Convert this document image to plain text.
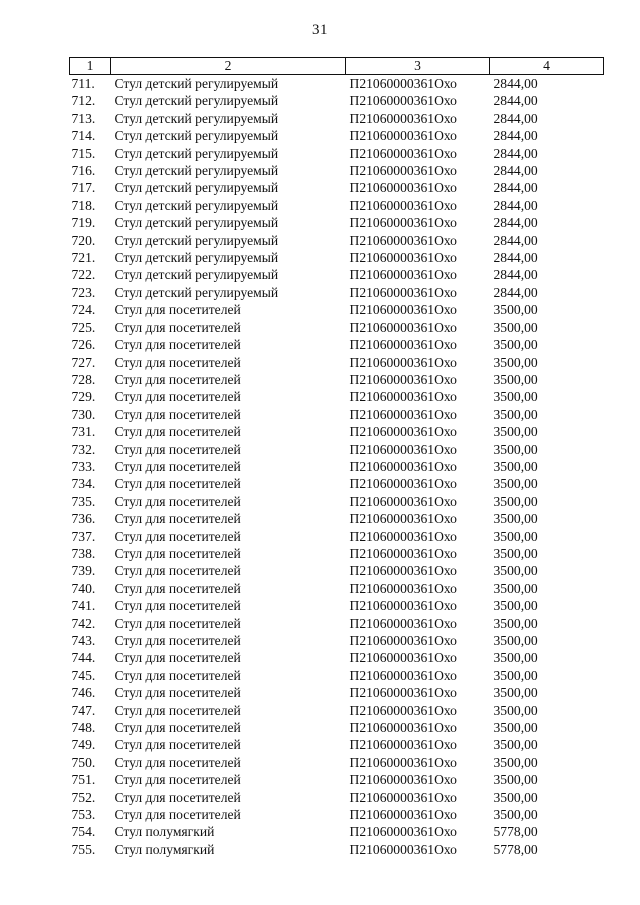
31
1	2	3	4
711.	Стул детский регулируемый	П21060000361Охо	2844,00
712.	Стул детский регулируемый	П21060000361Охо	2844,00
713.	Стул детский регулируемый	П21060000361Охо	2844,00
714.	Стул детский регулируемый	П21060000361Охо	2844,00
715.	Стул детский регулируемый	П21060000361Охо	2844,00
716.	Стул детский регулируемый	П21060000361Охо	2844,00
717.	Стул детский регулируемый	П21060000361Охо	2844,00
718.	Стул детский регулируемый	П21060000361Охо	2844,00
719.	Стул детский регулируемый	П21060000361Охо	2844,00
720.	Стул детский регулируемый	П21060000361Охо	2844,00
721.	Стул детский регулируемый	П21060000361Охо	2844,00
722.	Стул детский регулируемый	П21060000361Охо	2844,00
723.	Стул детский регулируемый	П21060000361Охо	2844,00
724.	Стул для посетителей	П21060000361Охо	3500,00
725.	Стул для посетителей	П21060000361Охо	3500,00
726.	Стул для посетителей	П21060000361Охо	3500,00
727.	Стул для посетителей	П21060000361Охо	3500,00
728.	Стул для посетителей	П21060000361Охо	3500,00
729.	Стул для посетителей	П21060000361Охо	3500,00
730.	Стул для посетителей	П21060000361Охо	3500,00
731.	Стул для посетителей	П21060000361Охо	3500,00
732.	Стул для посетителей	П21060000361Охо	3500,00
733.	Стул для посетителей	П21060000361Охо	3500,00
734.	Стул для посетителей	П21060000361Охо	3500,00
735.	Стул для посетителей	П21060000361Охо	3500,00
736.	Стул для посетителей	П21060000361Охо	3500,00
737.	Стул для посетителей	П21060000361Охо	3500,00
738.	Стул для посетителей	П21060000361Охо	3500,00
739.	Стул для посетителей	П21060000361Охо	3500,00
740.	Стул для посетителей	П21060000361Охо	3500,00
741.	Стул для посетителей	П21060000361Охо	3500,00
742.	Стул для посетителей	П21060000361Охо	3500,00
743.	Стул для посетителей	П21060000361Охо	3500,00
744.	Стул для посетителей	П21060000361Охо	3500,00
745.	Стул для посетителей	П21060000361Охо	3500,00
746.	Стул для посетителей	П21060000361Охо	3500,00
747.	Стул для посетителей	П21060000361Охо	3500,00
748.	Стул для посетителей	П21060000361Охо	3500,00
749.	Стул для посетителей	П21060000361Охо	3500,00
750.	Стул для посетителей	П21060000361Охо	3500,00
751.	Стул для посетителей	П21060000361Охо	3500,00
752.	Стул для посетителей	П21060000361Охо	3500,00
753.	Стул для посетителей	П21060000361Охо	3500,00
754.	Стул полумягкий	П21060000361Охо	5778,00
755.	Стул полумягкий	П21060000361Охо	5778,00
